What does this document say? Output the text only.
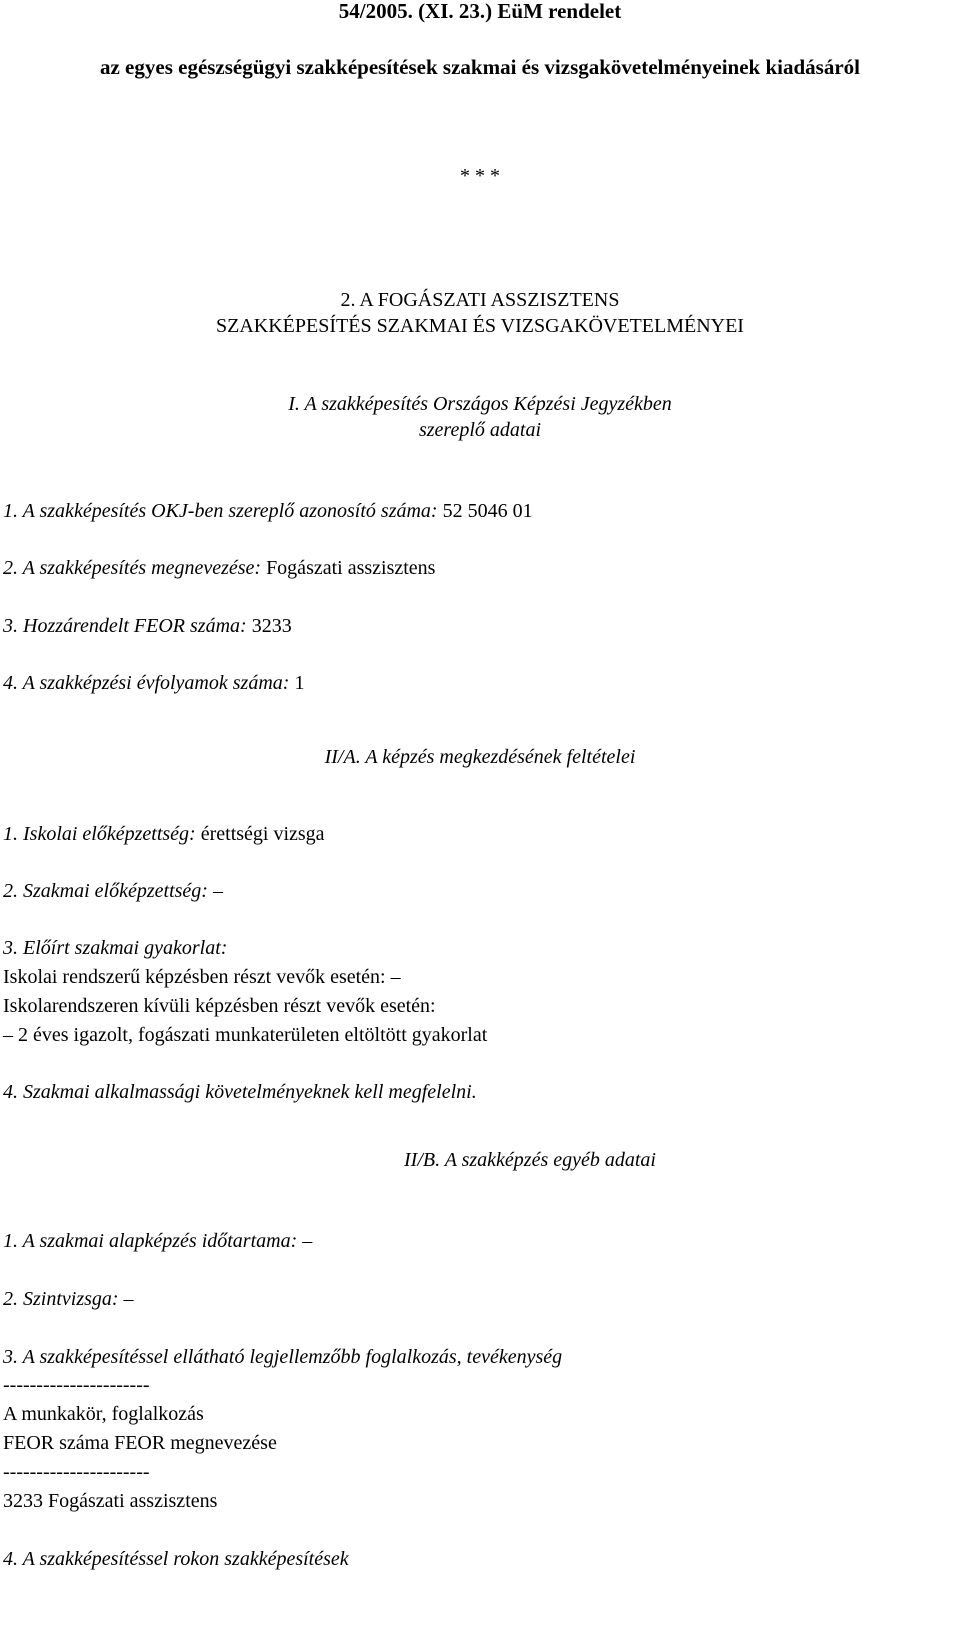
54/2005. (XI. 23.) EüM rendelet
az egyes egészségügyi szakképesítések szakmai és vizsgakövetelményeinek kiadásáról
* * *
2. A FOGÁSZATI ASSZISZTENS
SZAKKÉPESÍTÉS SZAKMAI ÉS VIZSGAKÖVETELMÉNYEI
I. A szakképesítés Országos Képzési Jegyzékben
szereplő adatai
1. A szakképesítés OKJ-ben szereplő azonosító száma: 52 5046 01
2. A szakképesítés megnevezése: Fogászati asszisztens
3. Hozzárendelt FEOR száma: 3233
4. A szakképzési évfolyamok száma: 1
II/A. A képzés megkezdésének feltételei
1. Iskolai előképzettség: érettségi vizsga
2. Szakmai előképzettség: –
3. Előírt szakmai gyakorlat:
Iskolai rendszerű képzésben részt vevők esetén: –
Iskolarendszeren kívüli képzésben részt vevők esetén:
– 2 éves igazolt, fogászati munkaterületen eltöltött gyakorlat
4. Szakmai alkalmassági követelményeknek kell megfelelni.
II/B. A szakképzés egyéb adatai
1. A szakmai alapképzés időtartama: –
2. Szintvizsga: –
3. A szakképesítéssel ellátható legjellemzőbb foglalkozás, tevékenység
----------------------
A munkakör, foglalkozás
FEOR száma FEOR megnevezése
----------------------
3233 Fogászati asszisztens
4. A szakképesítéssel rokon szakképesítések
